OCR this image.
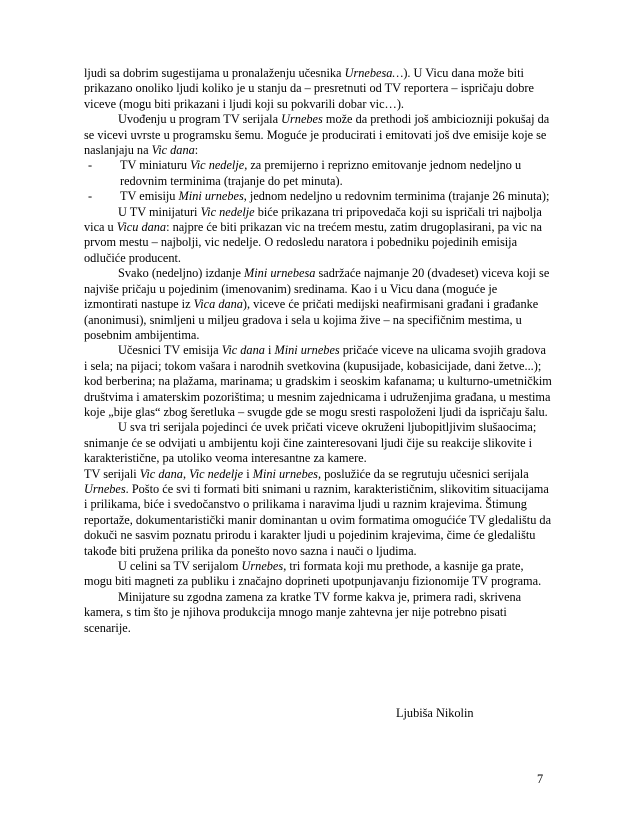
ljudi sa dobrim sugestijama u pronalaženju učesnika Urnebesa…). U Vicu dana može biti prikazano onoliko ljudi koliko je u stanju da – presretnuti od TV reportera – ispričaju dobre viceve (mogu biti prikazani i ljudi koji su pokvarili dobar vic…).

Uvođenju u program TV serijala Urnebes može da prethodi još ambiciozniji pokušaj da se vicevi uvrste u programsku šemu. Moguće je producirati i emitovati još dve emisije koje se naslanjaju na Vic dana:

- TV miniaturu Vic nedelje, za premijerno i reprizno emitovanje jednom nedeljno u redovnim terminima (trajanje do pet minuta).
- TV emisiju Mini urnebes, jednom nedeljno u redovnim terminima (trajanje 26 minuta);

U TV minijaturi Vic nedelje biće prikazana tri pripovedača koji su ispričali tri najbolja vica u Vicu dana: najpre će biti prikazan vic na trećem mestu, zatim drugoplasirani, pa vic na prvom mestu – najbolji, vic nedelje. O redosledu naratora i pobedniku pojedinih emisija odlučiće producent.

Svako (nedeljno) izdanje Mini urnebesa sadržaće najmanje 20 (dvadeset) viceva koji se najviše pričaju u pojedinim (imenovanim) sredinama. Kao i u Vicu dana (moguće je izmontirati nastupe iz Vica dana), viceve će pričati medijski neafirmisani građani i građanke (anonimusi), snimljeni u miljeu gradova i sela u kojima žive – na specifičnim mestima, u posebnim ambijentima.

Učesnici TV emisija Vic dana i Mini urnebes pričaće viceve na ulicama svojih gradova i sela; na pijaci; tokom vašara i narodnih svetkovina (kupusijade, kobasicijade, dani žetve...); kod berberina; na plažama, marinama; u gradskim i seoskim kafanama; u kulturno-umetničkim društvima i amaterskim pozorištima; u mesnim zajednicama i udruženjima građana, u mestima koje „bije glas“ zbog šeretluka – svugde gde se mogu sresti raspoloženi ljudi da ispričaju šalu.

U sva tri serijala pojedinci će uvek pričati viceve okruženi ljubopitljivim slušaocima; snimanje će se odvijati u ambijentu koji čine zainteresovani ljudi čije su reakcije slikovite i karakteristične, pa utoliko veoma interesantne za kamere.

TV serijali Vic dana, Vic nedelje i Mini urnebes, poslužiće da se regrutuju učesnici serijala Urnebes. Pošto će svi ti formati biti snimani u raznim, karakterističnim, slikovitim situacijama i prilikama, biće i svedočanstvo o prilikama i naravima ljudi u raznim krajevima. Štimung reportaže, dokumentaristički manir dominantan u ovim formatima omogućiće TV gledalištu da dokuči ne sasvim poznatu prirodu i karakter ljudi u pojedinim krajevima, čime će gledalištu takođe biti pružena prilika da ponešto novo sazna i nauči o ljudima.

U celini sa TV serijalom Urnebes, tri formata koji mu prethode, a kasnije ga prate, mogu biti magneti za publiku i značajno doprineti upotpunjavanju fizionomije TV programa.

Minijature su zgodna zamena za kratke TV forme kakva je, primera radi, skrivena kamera, s tim što je njihova produkcija mnogo manje zahtevna jer nije potrebno pisati scenarije.

Ljubiša Nikolin
7
